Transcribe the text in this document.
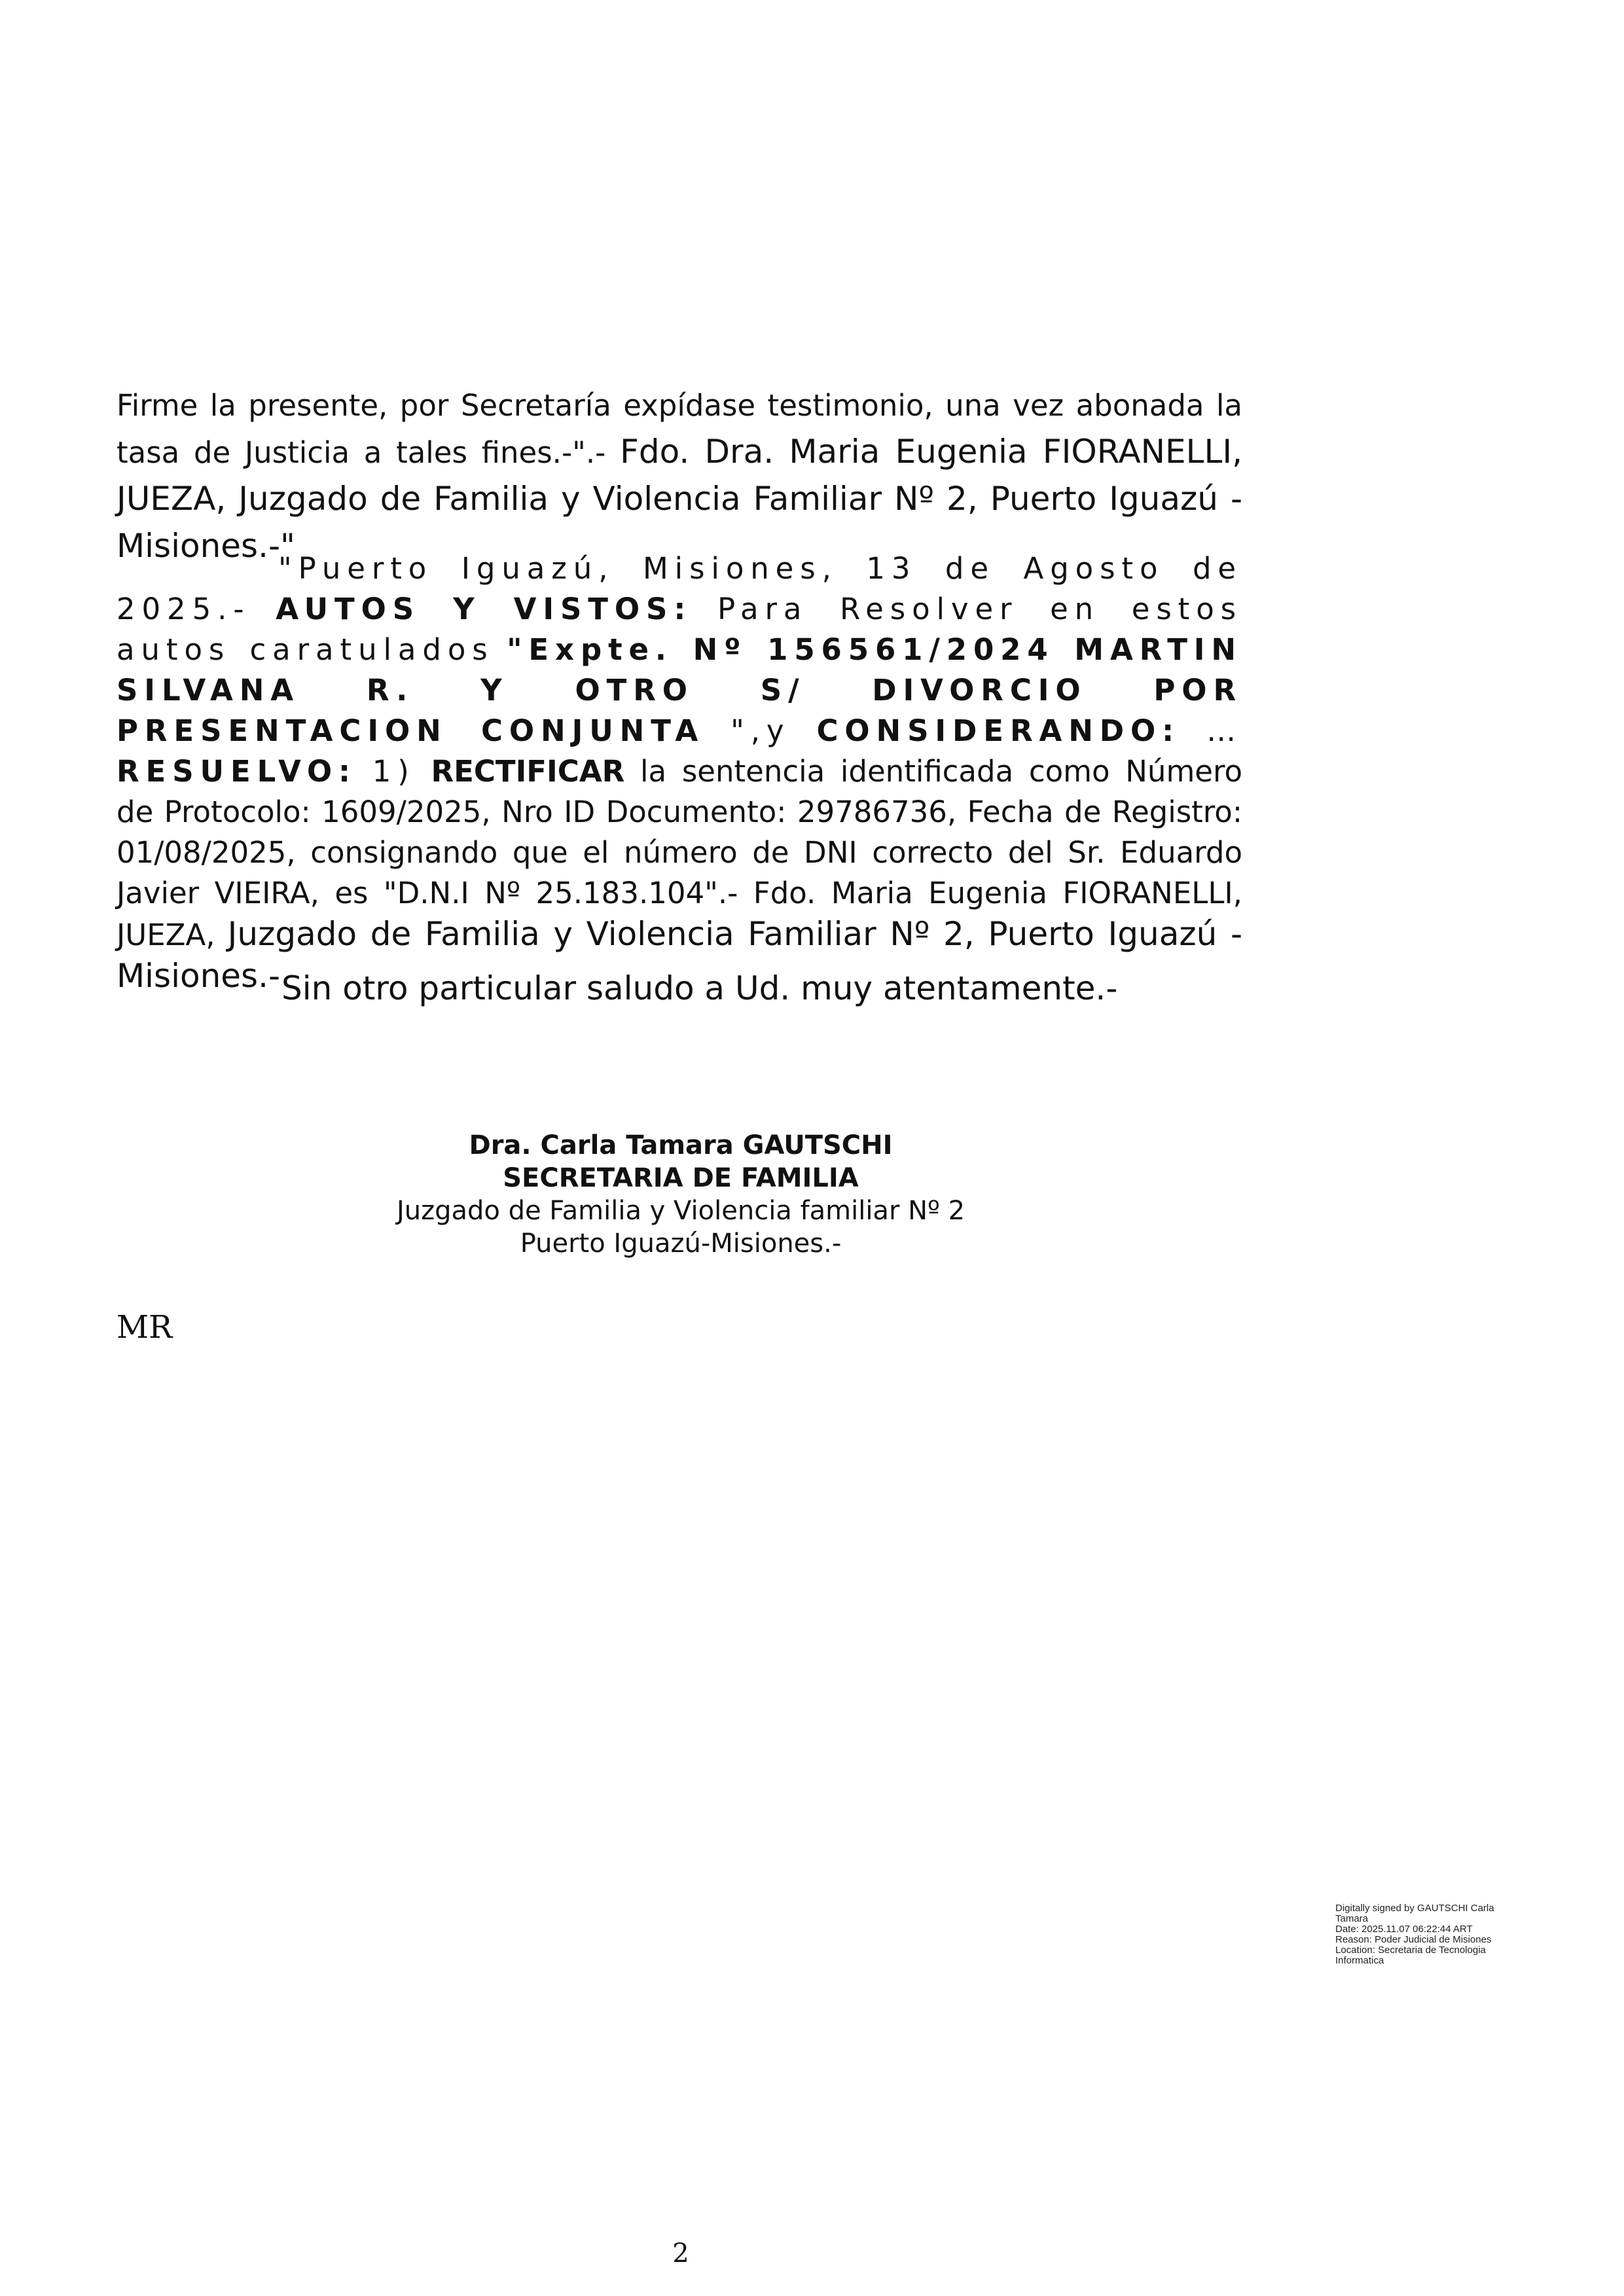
Firme la presente, por Secretaría expídase testimonio, una vez abonada la tasa de Justicia a tales fines.-".- Fdo. Dra. Maria Eugenia FIORANELLI, JUEZA, Juzgado de Familia y Violencia Familiar Nº 2, Puerto Iguazú - Misiones.-"

"Puerto Iguazú, Misiones, 13 de Agosto de 2025.- AUTOS Y VISTOS: Para Resolver en estos autos caratulados "Expte. Nº 156561/2024 MARTIN SILVANA R. Y OTRO S/ DIVORCIO POR PRESENTACION CONJUNTA ",y CONSIDERANDO: … RESUELVO: 1) RECTIFICAR la sentencia identificada como Número de Protocolo: 1609/2025, Nro ID Documento: 29786736, Fecha de Registro: 01/08/2025, consignando que el número de DNI correcto del Sr. Eduardo Javier VIEIRA, es "D.N.I Nº 25.183.104".- Fdo. Maria Eugenia FIORANELLI, JUEZA, Juzgado de Familia y Violencia Familiar Nº 2, Puerto Iguazú - Misiones.- Sin otro particular saludo a Ud. muy atentamente.-

Dra. Carla Tamara GAUTSCHI
SECRETARIA DE FAMILIA
Juzgado de Familia y Violencia familiar Nº 2
Puerto Iguazú-Misiones.-

MR

Digitally signed by GAUTSCHI Carla Tamara
Date: 2025.11.07 06:22:44 ART
Reason: Poder Judicial de Misiones
Location: Secretaria de Tecnologia Informatica
2
